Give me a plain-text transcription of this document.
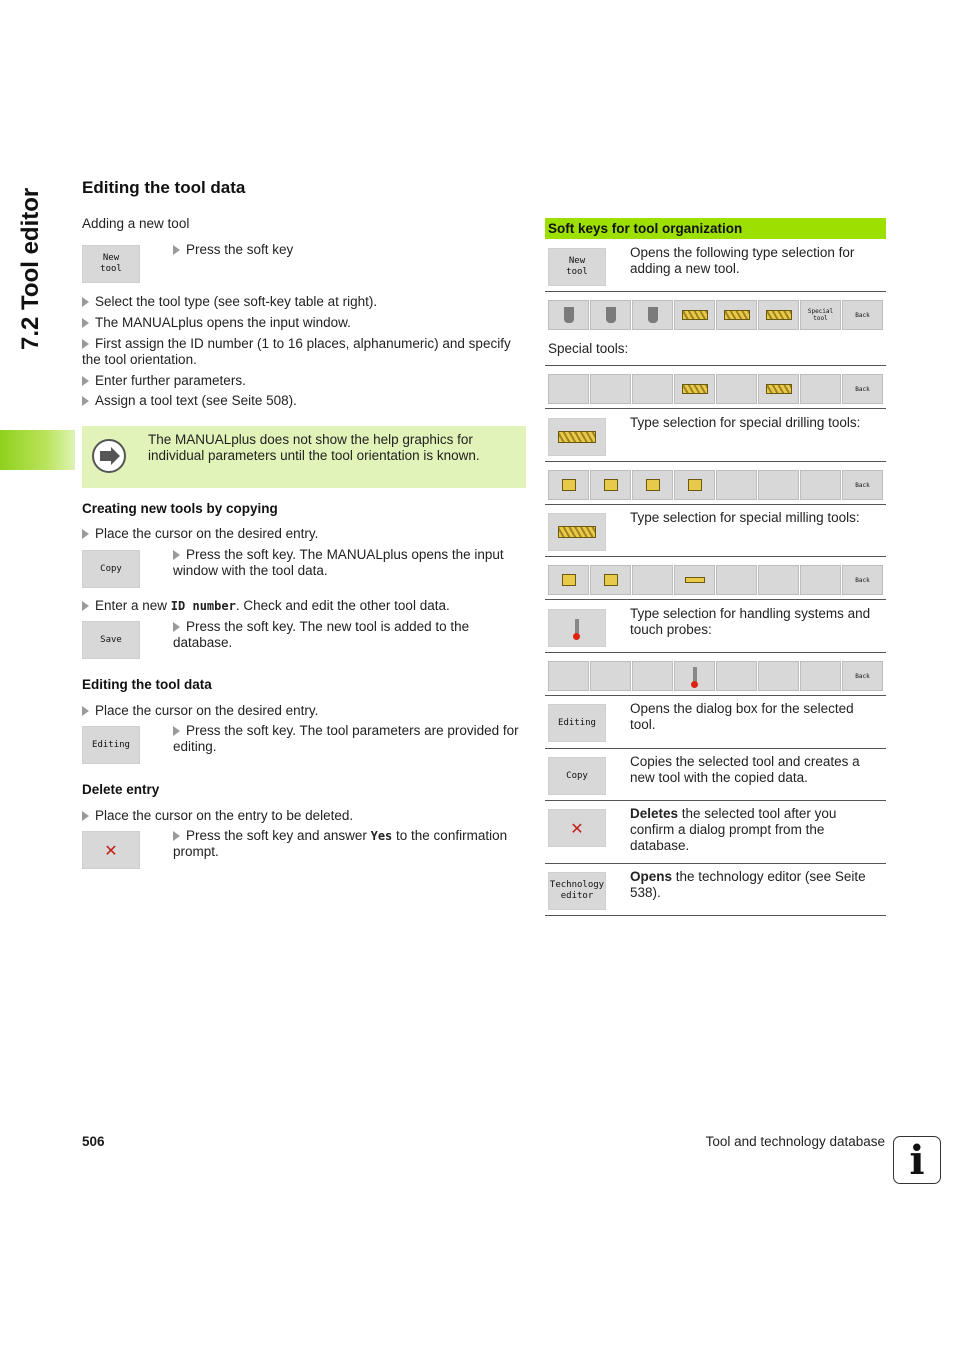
7.2 Tool editor
Editing the tool data
Adding a new tool
New
tool
Press the soft key
Select the tool type (see soft-key table at right).
The MANUALplus opens the input window.
First assign the ID number (1 to 16 places, alphanumeric) and specify the tool orientation.
Enter further parameters.
Assign a tool text (see Seite 508).
The MANUALplus does not show the help graphics for individual parameters until the tool orientation is known.
Creating new tools by copying
Place the cursor on the desired entry.
Copy
Press the soft key. The MANUALplus opens the input window with the tool data.
Enter a new ID number. Check and edit the other tool data.
Save
Press the soft key. The new tool is added to the database.
Editing the tool data
Place the cursor on the desired entry.
Editing
Press the soft key. The tool parameters are provided for editing.
Delete entry
Place the cursor on the entry to be deleted.
✕
Press the soft key and answer Yes to the confirmation prompt.
Soft keys for tool organization
New
tool
Opens the following type selection for adding a new tool.
Special
tool	Back
Special tools:
Back
Type selection for special drilling tools:
Back
Type selection for special milling tools:
Back
Type selection for handling systems and touch probes:
Back
Editing
Opens the dialog box for the selected tool.
Copy
Copies the selected tool and creates a new tool with the copied data.
✕
Deletes the selected tool after you confirm a dialog prompt from the database.
Technology
editor
Opens the technology editor (see Seite 538).
506	Tool and technology database i
